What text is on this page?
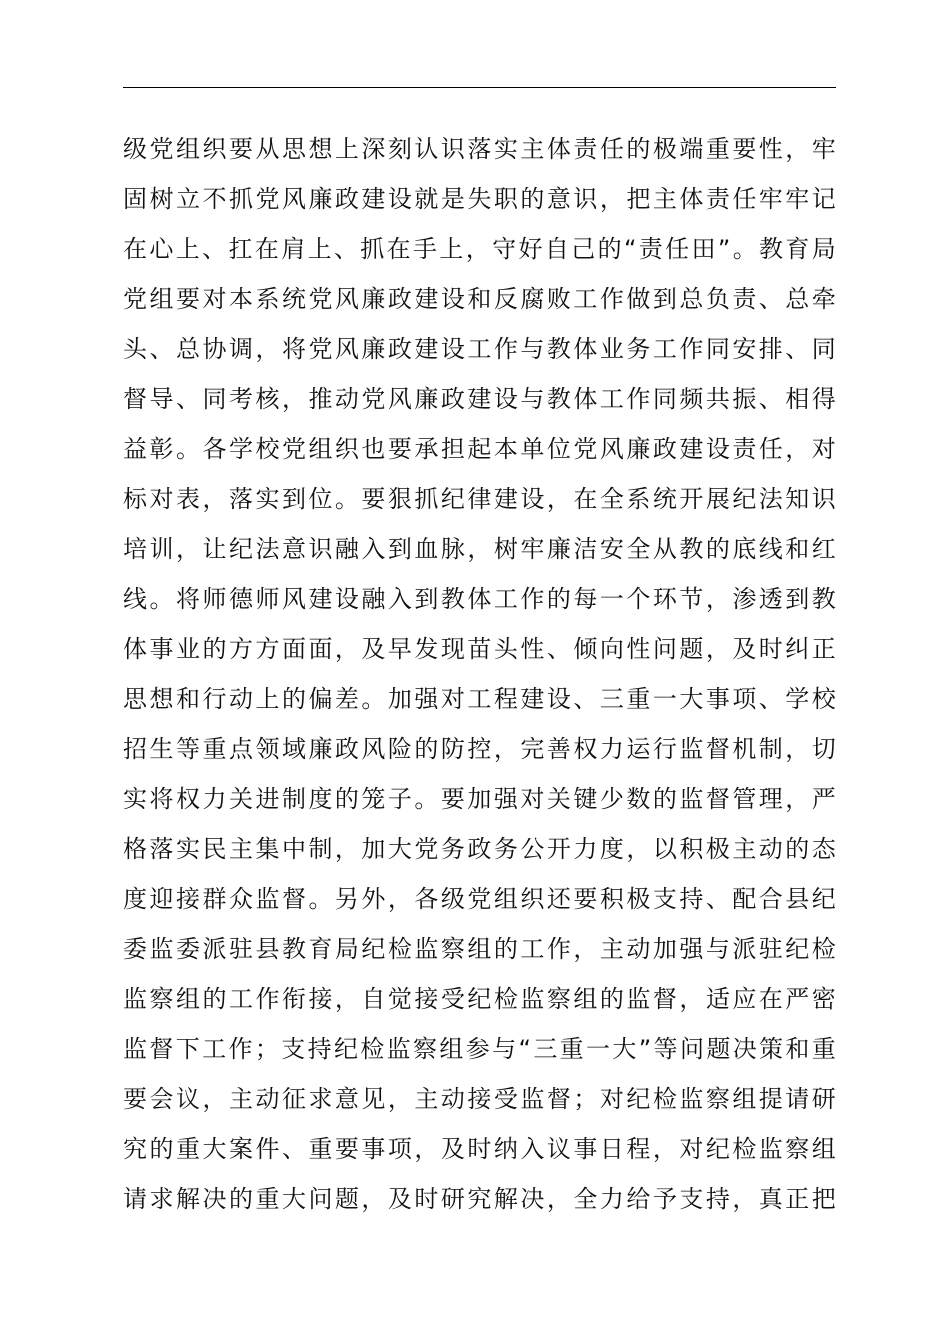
级党组织要从思想上深刻认识落实主体责任的极端重要性，牢
固树立不抓党风廉政建设就是失职的意识，把主体责任牢牢记
在心上、扛在肩上、抓在手上，守好自己的“责任田”。教育局
党组要对本系统党风廉政建设和反腐败工作做到总负责、总牵
头、总协调，将党风廉政建设工作与教体业务工作同安排、同
督导、同考核，推动党风廉政建设与教体工作同频共振、相得
益彰。各学校党组织也要承担起本单位党风廉政建设责任，对
标对表，落实到位。要狠抓纪律建设，在全系统开展纪法知识
培训，让纪法意识融入到血脉，树牢廉洁安全从教的底线和红
线。将师德师风建设融入到教体工作的每一个环节，渗透到教
体事业的方方面面，及早发现苗头性、倾向性问题，及时纠正
思想和行动上的偏差。加强对工程建设、三重一大事项、学校
招生等重点领域廉政风险的防控，完善权力运行监督机制，切
实将权力关进制度的笼子。要加强对关键少数的监督管理，严
格落实民主集中制，加大党务政务公开力度，以积极主动的态
度迎接群众监督。另外，各级党组织还要积极支持、配合县纪
委监委派驻县教育局纪检监察组的工作，主动加强与派驻纪检
监察组的工作衔接，自觉接受纪检监察组的监督，适应在严密
监督下工作；支持纪检监察组参与“三重一大”等问题决策和重
要会议，主动征求意见，主动接受监督；对纪检监察组提请研
究的重大案件、重要事项，及时纳入议事日程，对纪检监察组
请求解决的重大问题，及时研究解决，全力给予支持，真正把
